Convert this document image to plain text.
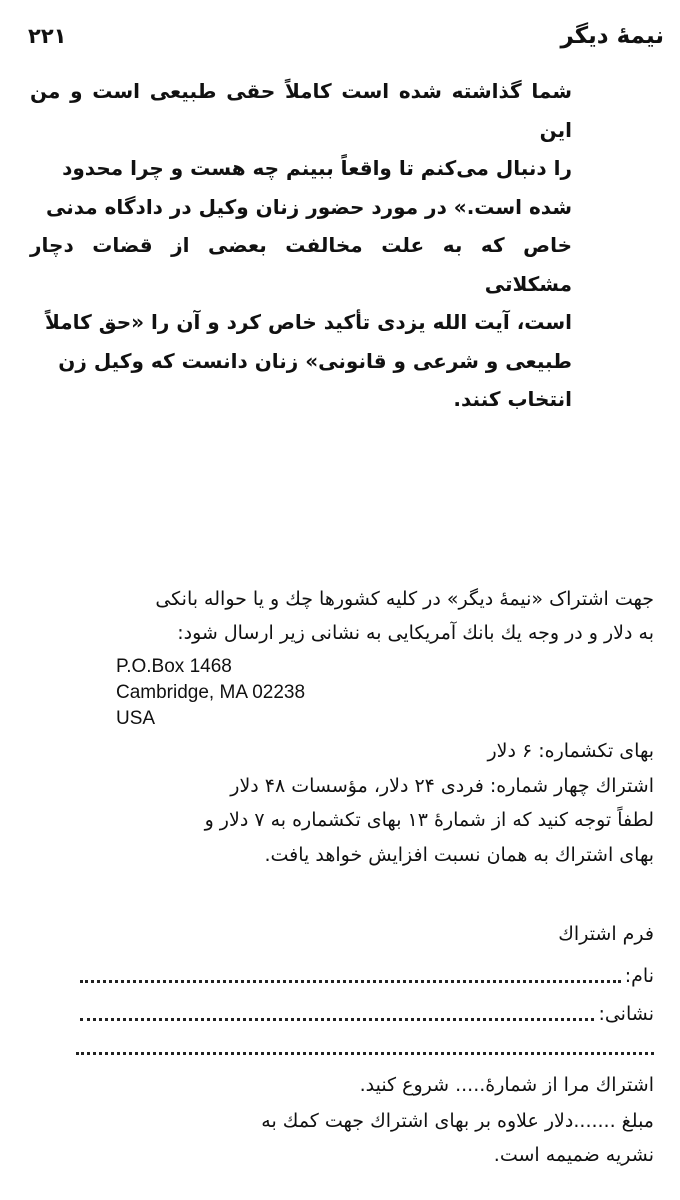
نیمهٔ دیگر
۲۲۱

شما گذاشته شده است کاملاً حقی طبیعی است و من این

را دنبال می‌کنم تا واقعاً ببینم چه هست و چرا محدود

شده است.» در مورد حضور زنان وکیل در دادگاه مدنی

خاص که به علت مخالفت بعضی از قضات دچار مشکلاتی

است، آیت الله یزدی تأکید خاص کرد و آن را «حق کاملاً

طبیعی و شرعی و قانونی» زنان دانست که وکیل زن

انتخاب کنند.

جهت اشتراک «نیمهٔ دیگر» در کلیه کشورها چك و یا حواله بانکی

به دلار و در وجه یك بانك آمریکایی به نشانی زیر ارسال شود:

P.O.Box 1468
Cambridge, MA 02238
USA

بهای تکشماره: ۶ دلار

اشتراك چهار شماره: فردی ۲۴ دلار، مؤسسات ۴۸ دلار

لطفاً توجه کنید که از شمارهٔ ۱۳ بهای تکشماره به ۷ دلار و

بهای اشتراك به همان نسبت افزایش خواهد یافت.

فرم اشتراك
نام:
نشانی:
اشتراك مرا از شمارهٔ..... شروع کنید.
مبلغ .......دلار علاوه بر بهای اشتراك جهت کمك به
نشریه ضمیمه است.
